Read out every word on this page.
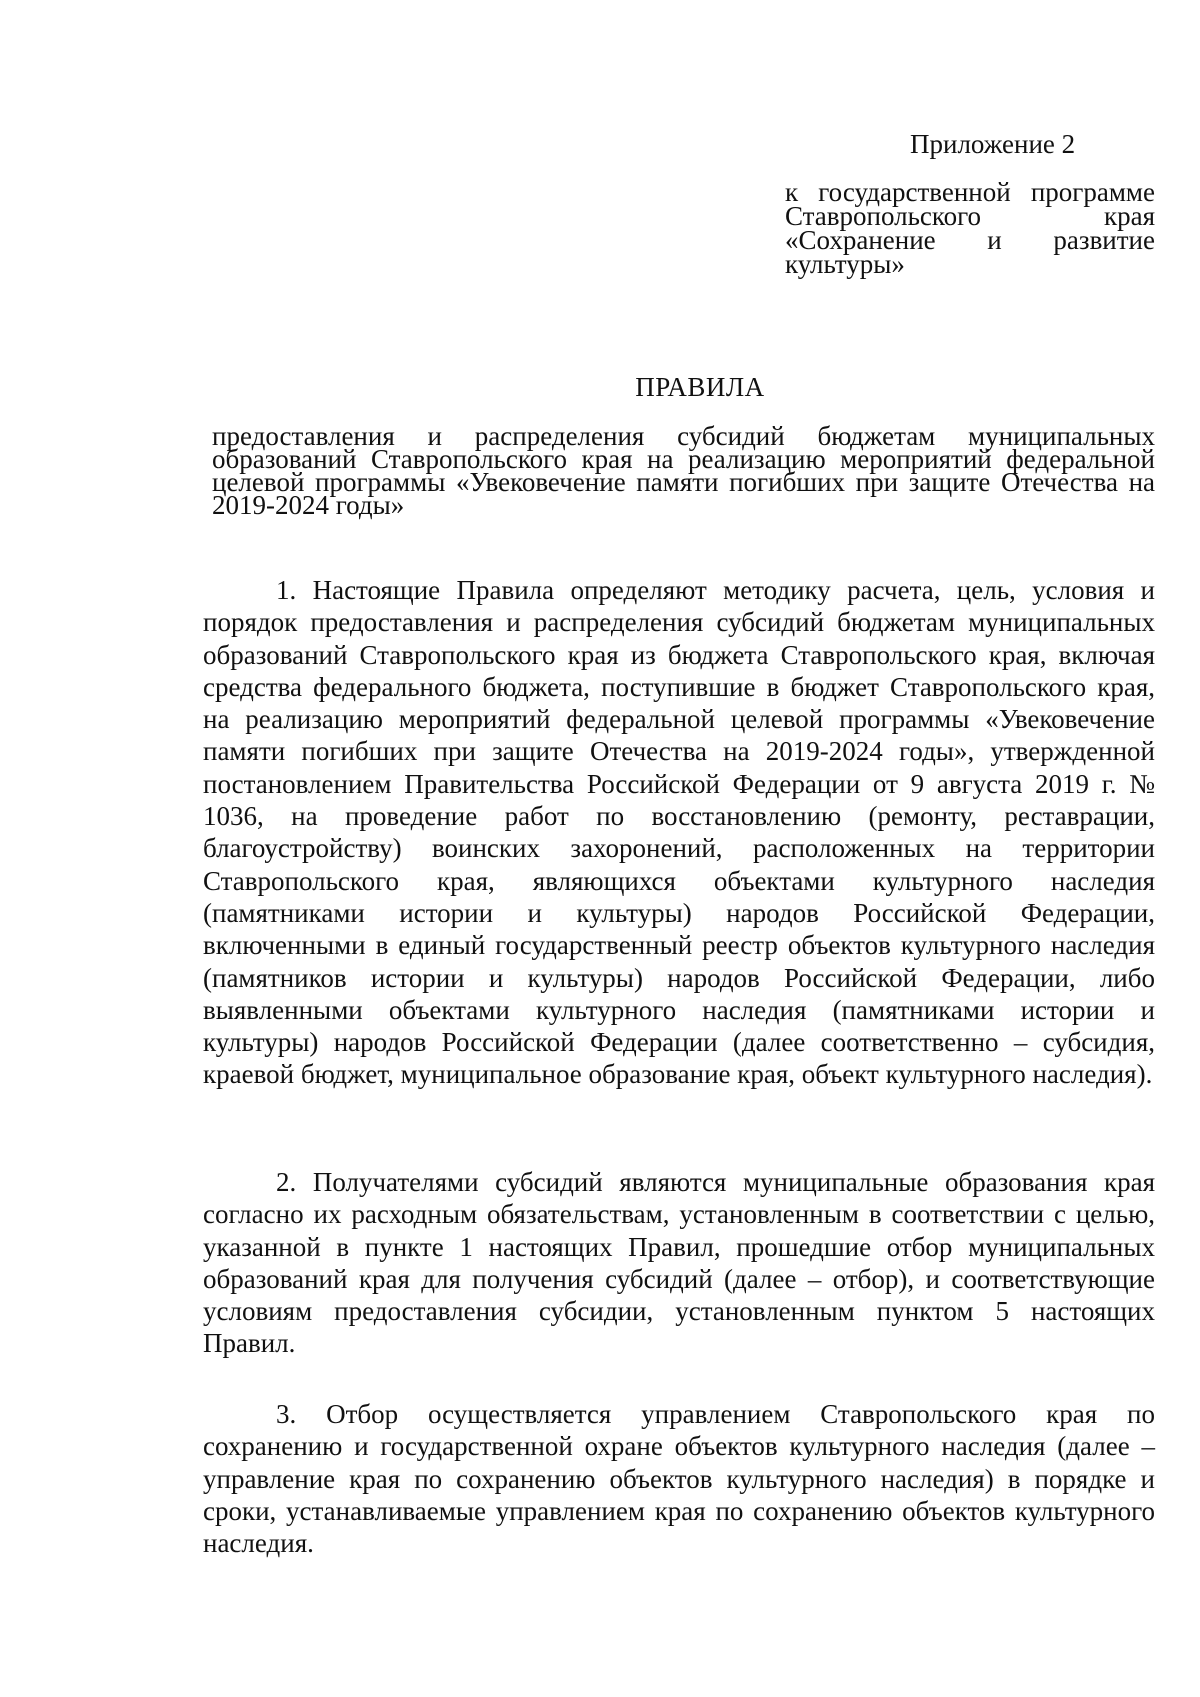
Приложение 2
к государственной программе Ставропольского края «Сохранение и развитие культуры»
ПРАВИЛА
предоставления и распределения субсидий бюджетам муниципальных образований Ставропольского края на реализацию мероприятий федеральной целевой программы «Увековечение памяти погибших при защите Отечества на 2019-2024 годы»

1. Настоящие Правила определяют методику расчета, цель, условия и порядок предоставления и распределения субсидий бюджетам муниципальных образований Ставропольского края из бюджета Ставропольского края, включая средства федерального бюджета, поступившие в бюджет Ставропольского края, на реализацию мероприятий федеральной целевой программы «Увековечение памяти погибших при защите Отечества на 2019-2024 годы», утвержденной постановлением Правительства Российской Федерации от 9 августа 2019 г. № 1036, на проведение работ по восстановлению (ремонту, реставрации, благоустройству) воинских захоронений, расположенных на территории Ставропольского края, являющихся объектами культурного наследия (памятниками истории и культуры) народов Российской Федерации, включенными в единый государственный реестр объектов культурного наследия (памятников истории и культуры) народов Российской Федерации, либо выявленными объектами культурного наследия (памятниками истории и культуры) народов Российской Федерации (далее соответственно – субсидия, краевой бюджет, муниципальное образование края, объект культурного наследия).

2. Получателями субсидий являются муниципальные образования края согласно их расходным обязательствам, установленным в соответствии с целью, указанной в пункте 1 настоящих Правил, прошедшие отбор муниципальных образований края для получения субсидий (далее – отбор), и соответствующие условиям предоставления субсидии, установленным пунктом 5 настоящих Правил.

3. Отбор осуществляется управлением Ставропольского края по сохранению и государственной охране объектов культурного наследия (далее – управление края по сохранению объектов культурного наследия) в порядке и сроки, устанавливаемые управлением края по сохранению объектов культурного наследия.
